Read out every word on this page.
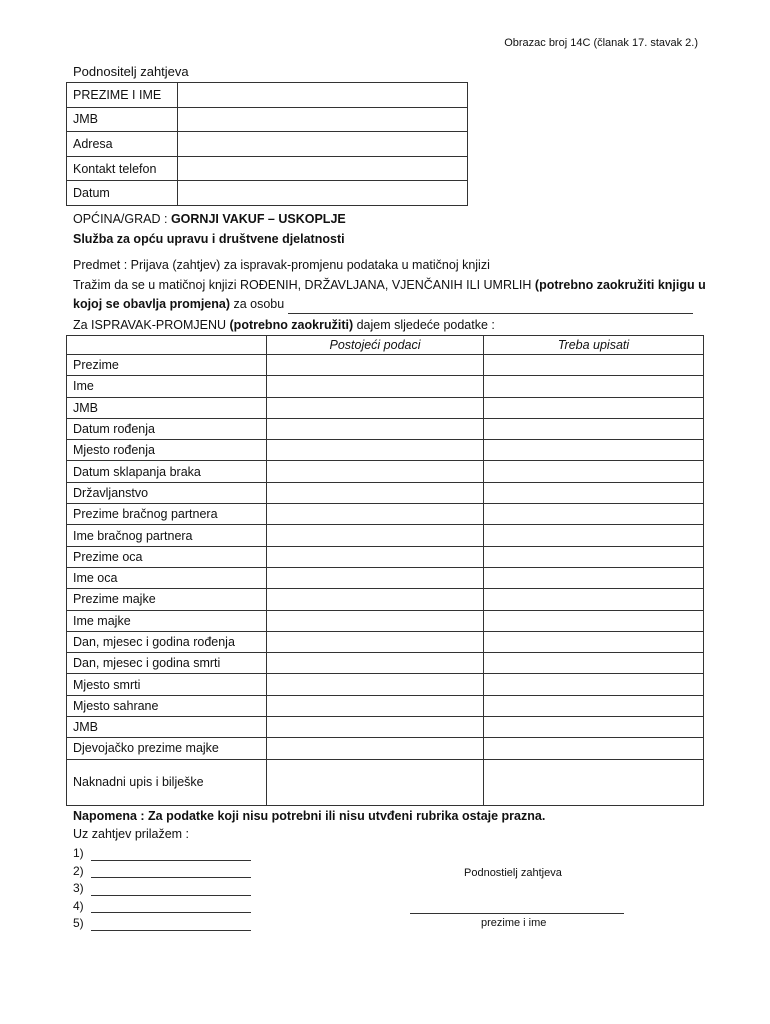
Obrazac broj 14C (članak 17. stavak 2.)
Podnositelj zahtjeva
PREZIME I IME	
JMB	
Adresa	
Kontakt telefon	
Datum	
OPĆINA/GRAD : GORNJI VAKUF – USKOPLJE
Služba za opću upravu i društvene djelatnosti
Predmet : Prijava (zahtjev) za ispravak-promjenu podataka u matičnoj knjizi
Tražim da se u matičnoj knjizi ROĐENIH, DRŽAVLJANA, VJENČANIH ILI UMRLIH (potrebno zaokružiti knjigu u kojoj se obavlja promjena) za osobu
Za ISPRAVAK-PROMJENU (potrebno zaokružiti) dajem sljedeće podatke :
	Postojeći podaci	Treba upisati
Prezime		
Ime		
JMB		
Datum rođenja		
Mjesto rođenja		
Datum sklapanja braka		
Državljanstvo		
Prezime bračnog partnera		
Ime bračnog partnera		
Prezime oca		
Ime oca		
Prezime majke		
Ime majke		
Dan, mjesec i godina rođenja		
Dan, mjesec i godina smrti		
Mjesto smrti		
Mjesto sahrane		
JMB		
Djevojačko prezime majke		
Naknadni upis i bilješke		
Napomena : Za podatke koji nisu potrebni ili nisu utvđeni rubrika ostaje prazna.
Uz zahtjev prilažem :
1)
2)
3)
4)
5)
Podnostielj zahtjeva
prezime i ime
